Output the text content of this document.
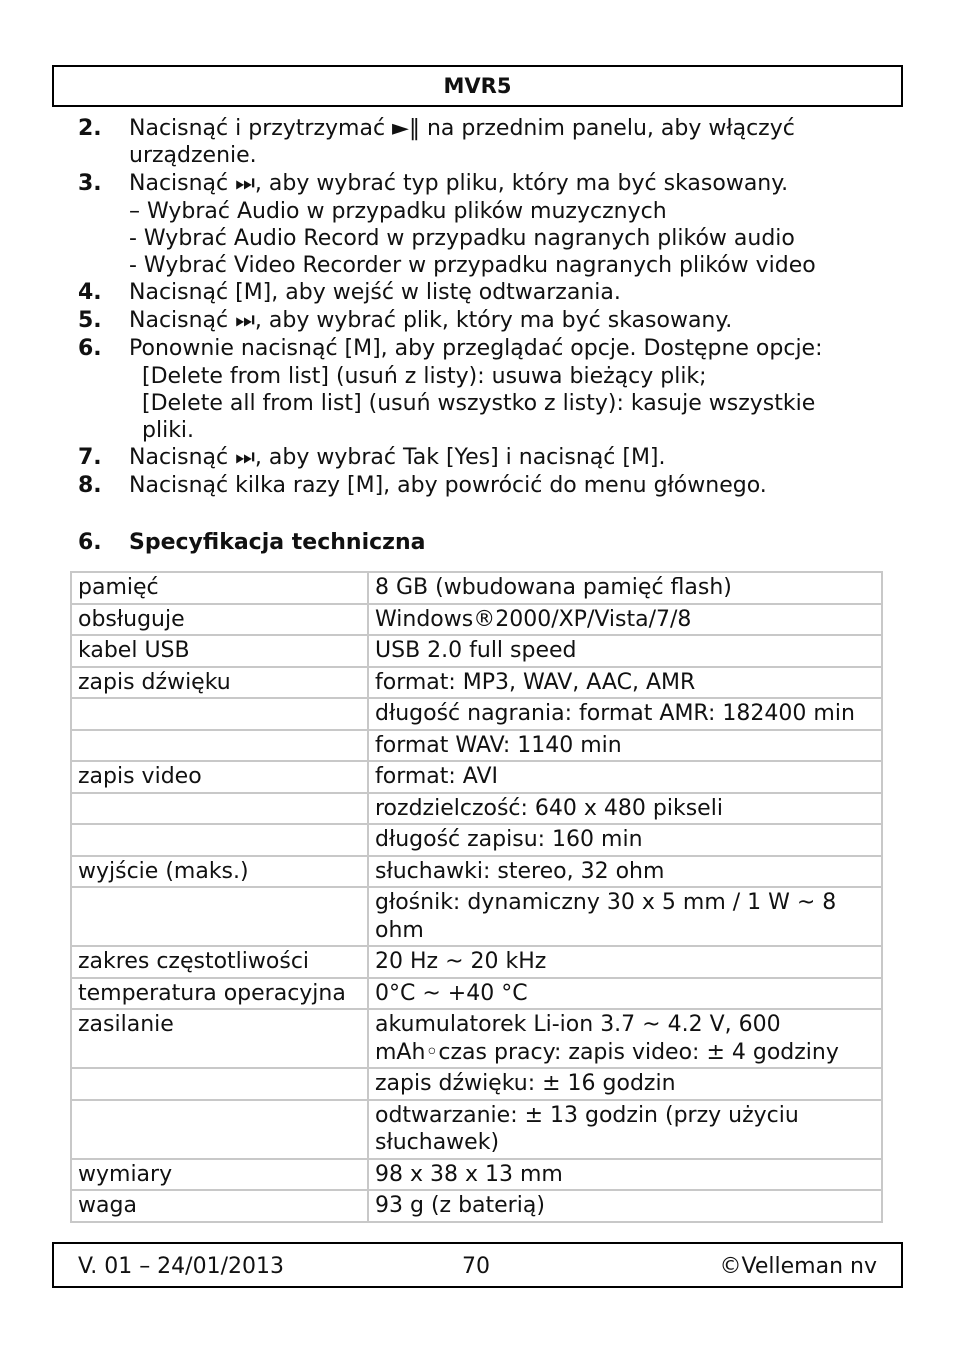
MVR5
2.	Nacisnąć i przytrzymać ►‖ na przednim panelu, aby włączyć
urządzenie.
3.	Nacisnąć ⏭, aby wybrać typ pliku, który ma być skasowany.
– Wybrać Audio w przypadku plików muzycznych
- Wybrać Audio Record w przypadku nagranych plików audio
- Wybrać Video Recorder w przypadku nagranych plików video
4.	Nacisnąć [M], aby wejść w listę odtwarzania.
5.	Nacisnąć ⏭, aby wybrać plik, który ma być skasowany.
6.	Ponownie nacisnąć [M], aby przeglądać opcje. Dostępne opcje:
[Delete from list] (usuń z listy): usuwa bieżący plik;
[Delete all from list] (usuń wszystko z listy): kasuje wszystkie
pliki.
7.	Nacisnąć ⏭, aby wybrać Tak [Yes] i nacisnąć [M].
8.	Nacisnąć kilka razy [M], aby powrócić do menu głównego.
6.	Specyfikacja techniczna
pamięć	8 GB (wbudowana pamięć flash)
obsługuje	Windows®2000/XP/Vista/7/8
kabel USB	USB 2.0 full speed
zapis dźwięku	format: MP3, WAV, AAC, AMR
	długość nagrania: format AMR: 182400 min
	format WAV: 1140 min
zapis video	format: AVI
	rozdzielczość: 640 x 480 pikseli
	długość zapisu: 160 min
wyjście (maks.)	słuchawki: stereo, 32 ohm
	głośnik: dynamiczny 30 x 5 mm / 1 W ~ 8 ohm
zakres częstotliwości	20 Hz ~ 20 kHz
temperatura operacyjna	0°C ~ +40 °C
zasilanie	akumulatorek Li-ion 3.7 ~ 4.2 V, 600 mAh◦czas pracy: zapis video: ± 4 godziny
	zapis dźwięku: ± 16 godzin
	odtwarzanie: ± 13 godzin (przy użyciu słuchawek)
wymiary	98 x 38 x 13 mm
waga	93 g (z baterią)
V. 01 – 24/01/2013	70	©Velleman nv
